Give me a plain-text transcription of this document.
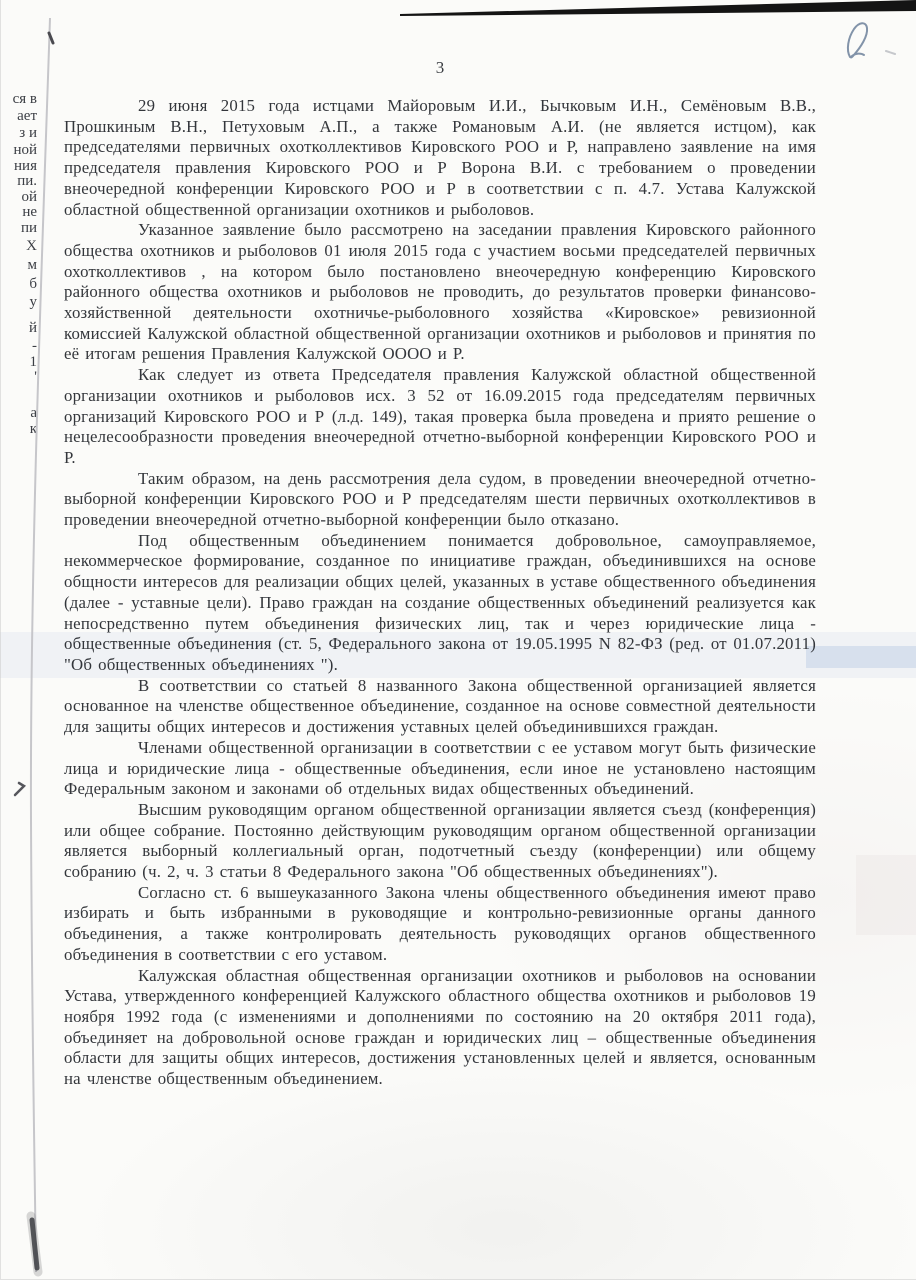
ся в
ает
з и
ной
ния
пи.
ой
не
пи
Х
м
б
у
й
-
1
'
а
к
3

29 июня 2015 года истцами Майоровым И.И., Бычковым И.Н., Семёновым В.В., Прошкиным В.Н., Петуховым А.П., а также Романовым А.И. (не является истцом), как председателями первичных охотколлективов Кировского РОО и Р, направлено заявление на имя председателя правления Кировского РОО и Р Ворона В.И. с требованием о проведении внеочередной конференции Кировского РОО и Р в соответствии с п. 4.7. Устава Калужской областной общественной организации охотников и рыболовов.

Указанное заявление было рассмотрено на заседании правления Кировского районного общества охотников и рыболовов 01 июля 2015 года с участием восьми председателей первичных охотколлективов , на котором было постановлено внеочередную конференцию Кировского районного общества охотников и рыболовов не проводить, до результатов проверки финансово-хозяйственной деятельности охотничье-рыболовного хозяйства «Кировское» ревизионной комиссией Калужской областной общественной организации охотников и рыболовов и принятия по её итогам решения Правления Калужской ОООО и Р.

Как следует из ответа Председателя правления Калужской областной общественной организации охотников и рыболовов исх. 3 52 от 16.09.2015 года председателям первичных организаций Кировского РОО и Р (л.д. 149), такая проверка была проведена и приято решение о нецелесообразности проведения внеочередной отчетно-выборной конференции Кировского РОО и Р.

Таким образом, на день рассмотрения дела судом, в проведении внеочередной отчетно-выборной конференции Кировского РОО и Р председателям шести первичных охотколлективов в проведении внеочередной отчетно-выборной конференции было отказано.

Под общественным объединением понимается добровольное, самоуправляемое, некоммерческое формирование, созданное по инициативе граждан, объединившихся на основе общности интересов для реализации общих целей, указанных в уставе общественного объединения (далее - уставные цели). Право граждан на создание общественных объединений реализуется как непосредственно путем объединения физических лиц, так и через юридические лица - общественные объединения (ст. 5, Федерального закона от 19.05.1995 N 82-ФЗ (ред. от 01.07.2011) "Об общественных объединениях ").

В соответствии со статьей 8 названного Закона общественной организацией является основанное на членстве общественное объединение, созданное на основе совместной деятельности для защиты общих интересов и достижения уставных целей объединившихся граждан.

Членами общественной организации в соответствии с ее уставом могут быть физические лица и юридические лица - общественные объединения, если иное не установлено настоящим Федеральным законом и законами об отдельных видах общественных объединений.

Высшим руководящим органом общественной организации является съезд (конференция) или общее собрание. Постоянно действующим руководящим органом общественной организации является выборный коллегиальный орган, подотчетный съезду (конференции) или общему собранию (ч. 2, ч. 3 статьи 8 Федерального закона "Об общественных объединениях").

Согласно ст. 6 вышеуказанного Закона члены общественного объединения имеют право избирать и быть избранными в руководящие и контрольно-ревизионные органы данного объединения, а также контролировать деятельность руководящих органов общественного объединения в соответствии с его уставом.

Калужская областная общественная организации охотников и рыболовов на основании Устава, утвержденного конференцией Калужского областного общества охотников и рыболовов 19 ноября 1992 года (с изменениями и дополнениями по состоянию на 20 октября 2011 года), объединяет на добровольной основе граждан и юридических лиц – общественные объединения области для защиты общих интересов, достижения установленных целей и является, основанным на членстве общественным объединением.
